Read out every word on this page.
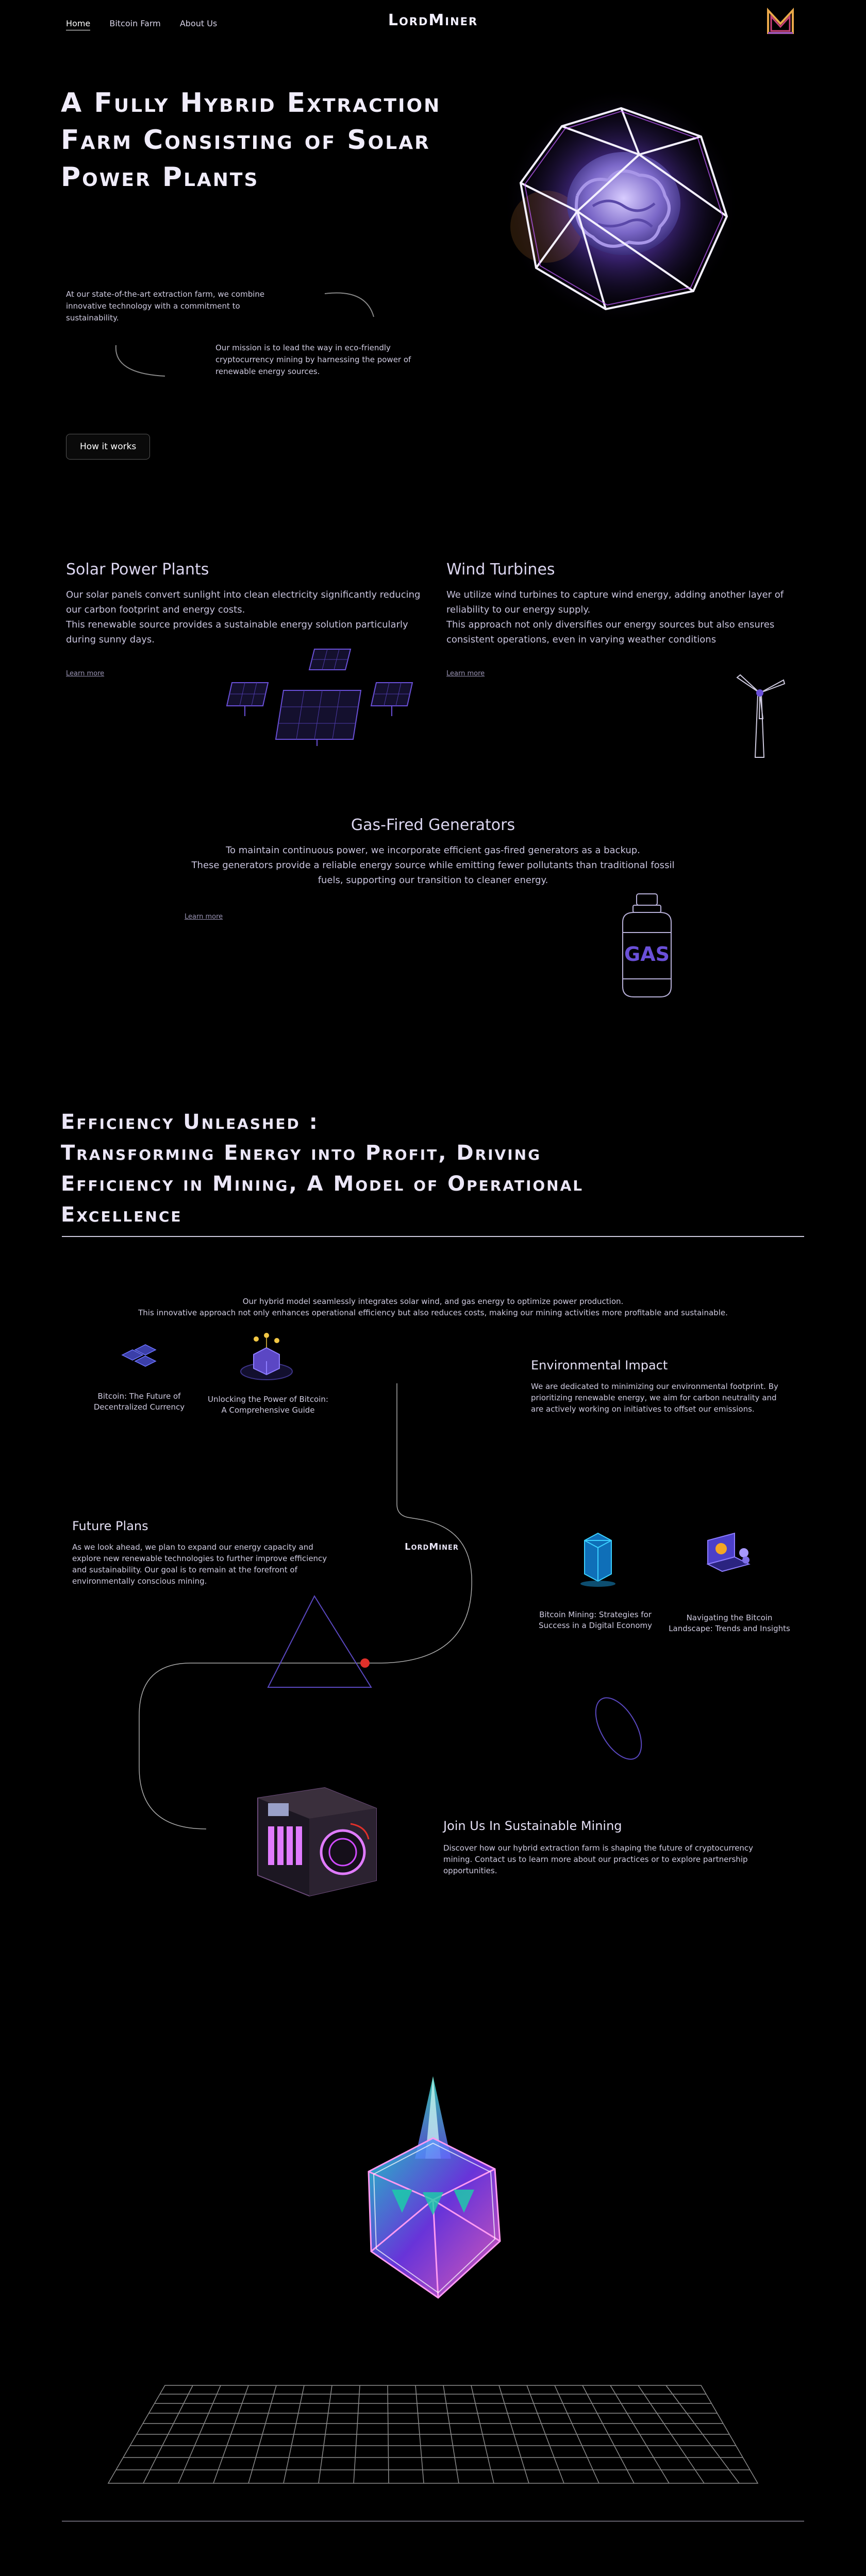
Home Bitcoin Farm About Us	LordMiner
A Fully Hybrid Extraction
Farm Consisting of Solar
Power Plants
At our state-of-the-art extraction farm, we combine innovative technology with a commitment to sustainability.
Our mission is to lead the way in eco-friendly cryptocurrency mining by harnessing the power of renewable energy sources.
How it works
Solar Power Plants
Our solar panels convert sunlight into clean electricity significantly reducing our carbon footprint and energy costs.
This renewable source provides a sustainable energy solution particularly during sunny days.
Learn more
Wind Turbines
We utilize wind turbines to capture wind energy, adding another layer of reliability to our energy supply.
This approach not only diversifies our energy sources but also ensures consistent operations, even in varying weather conditions
Learn more
Gas-Fired Generators
To maintain continuous power, we incorporate efficient gas-fired generators as a backup.
These generators provide a reliable energy source while emitting fewer pollutants than traditional fossil fuels, supporting our transition to cleaner energy.
Learn more
GAS
Efficiency Unleashed :
Transforming Energy into Profit, Driving
Efficiency in Mining, A Model of Operational
Excellence
Our hybrid model seamlessly integrates solar wind, and gas energy to optimize power production.
This innovative approach not only enhances operational efficiency but also reduces costs, making our mining activities more profitable and sustainable.
Bitcoin: The Future of Decentralized Currency
Unlocking the Power of Bitcoin: A Comprehensive Guide
Environmental Impact
We are dedicated to minimizing our environmental footprint. By prioritizing renewable energy, we aim for carbon neutrality and are actively working on initiatives to offset our emissions.
Future Plans
As we look ahead, we plan to expand our energy capacity and explore new renewable technologies to further improve efficiency and sustainability. Our goal is to remain at the forefront of environmentally conscious mining.
LordMiner
Bitcoin Mining: Strategies for Success in a Digital Economy
Navigating the Bitcoin Landscape: Trends and Insights
Join Us In Sustainable Mining
Discover how our hybrid extraction farm is shaping the future of cryptocurrency mining. Contact us to learn more about our practices or to explore partnership opportunities.
